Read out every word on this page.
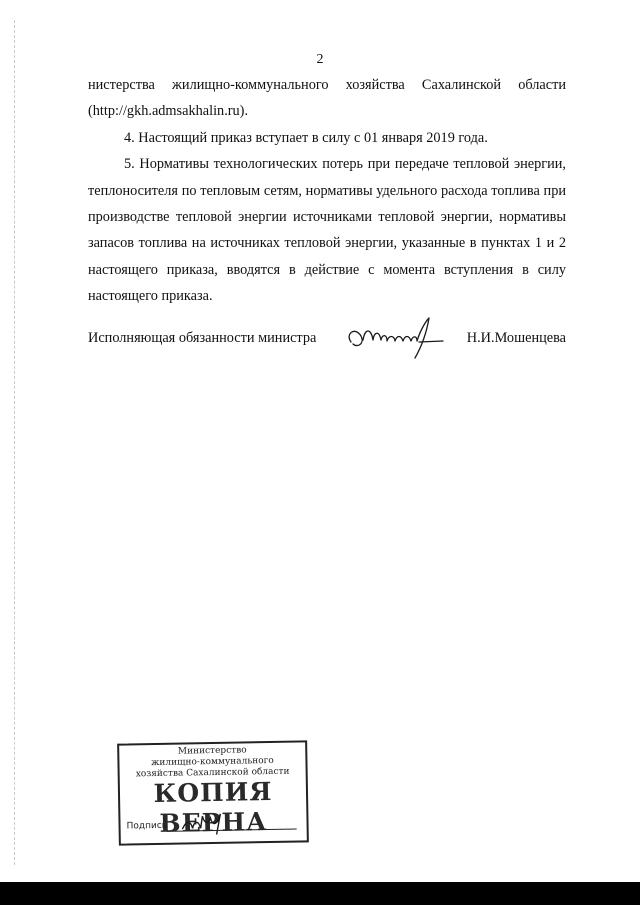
2

нистерства жилищно-коммунального хозяйства Сахалинской области (http://gkh.admsakhalin.ru).

4. Настоящий приказ вступает в силу с 01 января 2019 года.

5. Нормативы технологических потерь при передаче тепловой энергии, теплоносителя по тепловым сетям, нормативы удельного расхода топлива при производстве тепловой энергии источниками тепловой энергии, нормативы запасов топлива на источниках тепловой энергии, указанные в пунктах 1 и 2 настоящего приказа, вводятся в действие с момента вступления в силу настоящего приказа.

Исполняющая обязанности министра	Н.И.Мошенцева
Министерство
жилищно-коммунального
хозяйства Сахалинской области
КОПИЯ ВЕРНА
Подпись
